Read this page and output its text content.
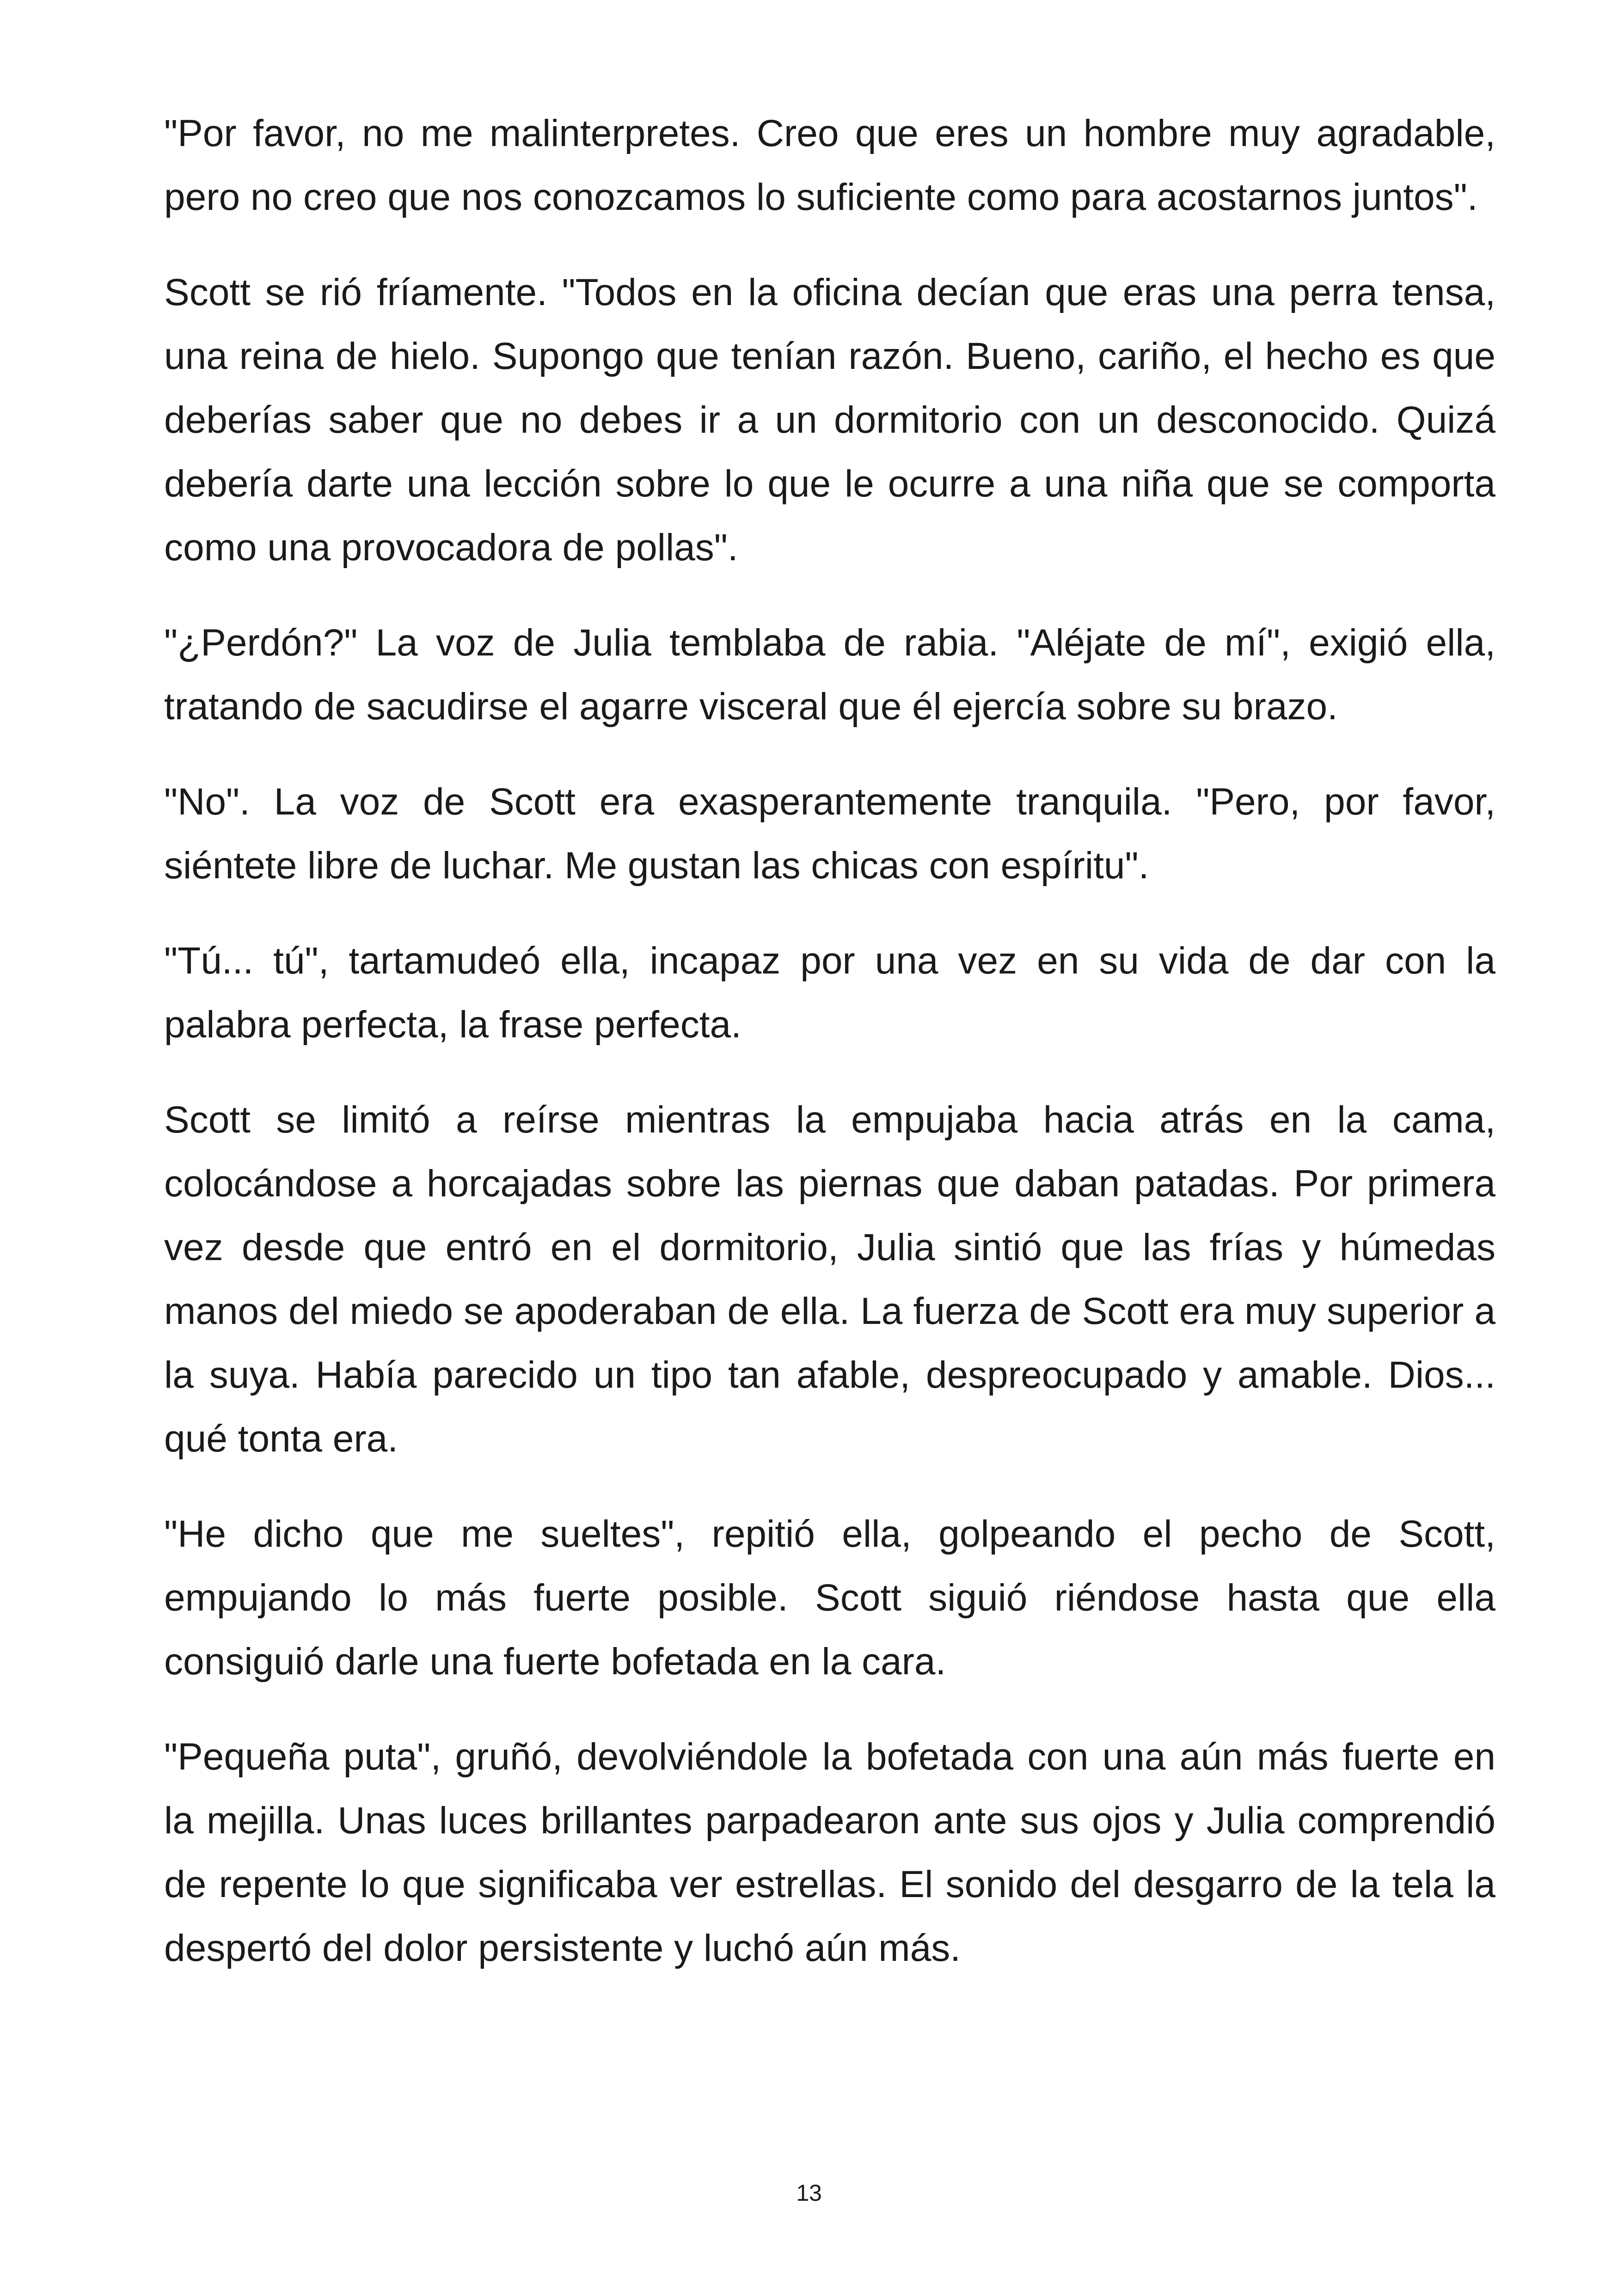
"Por favor, no me malinterpretes. Creo que eres un hombre muy agradable, pero no creo que nos conozcamos lo suficiente como para acostarnos juntos".

Scott se rió fríamente. "Todos en la oficina decían que eras una perra tensa, una reina de hielo. Supongo que tenían razón. Bueno, cariño, el hecho es que deberías saber que no debes ir a un dormitorio con un desconocido. Quizá debería darte una lección sobre lo que le ocurre a una niña que se comporta como una provocadora de pollas".

"¿Perdón?" La voz de Julia temblaba de rabia. "Aléjate de mí", exigió ella, tratando de sacudirse el agarre visceral que él ejercía sobre su brazo.

"No". La voz de Scott era exasperantemente tranquila. "Pero, por favor, siéntete libre de luchar. Me gustan las chicas con espíritu".

"Tú... tú", tartamudeó ella, incapaz por una vez en su vida de dar con la palabra perfecta, la frase perfecta.

Scott se limitó a reírse mientras la empujaba hacia atrás en la cama, colocándose a horcajadas sobre las piernas que daban patadas. Por primera vez desde que entró en el dormitorio, Julia sintió que las frías y húmedas manos del miedo se apoderaban de ella. La fuerza de Scott era muy superior a la suya. Había parecido un tipo tan afable, despreocupado y amable. Dios... qué tonta era.

"He dicho que me sueltes", repitió ella, golpeando el pecho de Scott, empujando lo más fuerte posible. Scott siguió riéndose hasta que ella consiguió darle una fuerte bofetada en la cara.

"Pequeña puta", gruñó, devolviéndole la bofetada con una aún más fuerte en la mejilla. Unas luces brillantes parpadearon ante sus ojos y Julia comprendió de repente lo que significaba ver estrellas. El sonido del desgarro de la tela la despertó del dolor persistente y luchó aún más.

13
